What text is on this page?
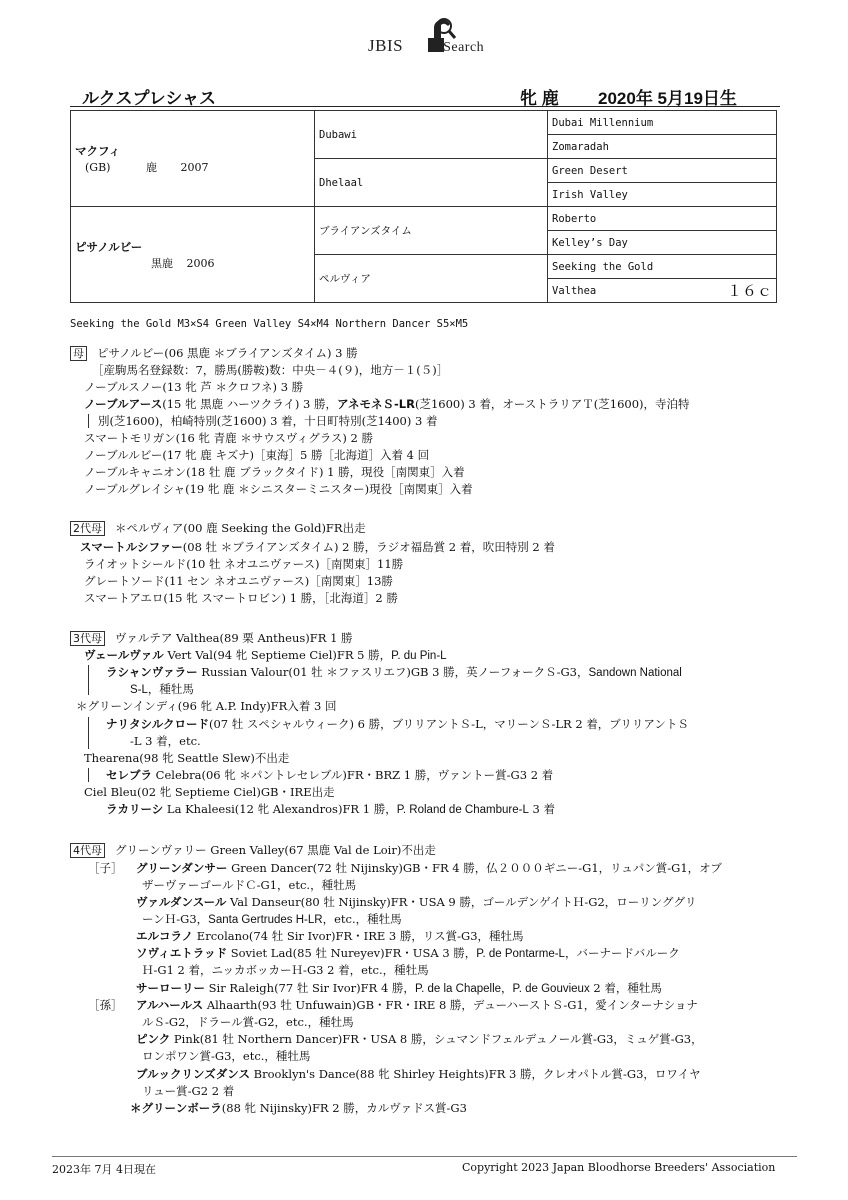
JBIS	Search
ルクスプレシャス	牝 鹿 2020年 5月19日生
マクフィ
(GB) 鹿 2007	Dubawi	Dubai Millennium
		Zomaradah
	Dhelaal	Green Desert
		Irish Valley

ピサノルビー
黒鹿 2006	ブライアンズタイム	Roberto
		Kelley’s Day
	ペルヴィア	Seeking the Gold
		Valthea １６ｃ
Seeking the Gold M3×S4 Green Valley S4×M4 Northern Dancer S5×M5
母 ピサノルビー(06 黒鹿 ＊ブライアンズタイム) 3 勝
［産駒馬名登録数：7，勝馬(勝鞍)数：中央－４(９)，地方－１(５)］
ノーブルスノー(13 牝 芦 ＊クロフネ) 3 勝
ノーブルアース(15 牝 黒鹿 ハーツクライ) 3 勝，アネモネＳ-LR(芝1600) 3 着，オーストラリアＴ(芝1600)，寺泊特
別(芝1600)，柏崎特別(芝1600) 3 着，十日町特別(芝1400) 3 着
スマートモリガン(16 牝 青鹿 ＊サウスヴィグラス) 2 勝
ノーブルルビー(17 牝 鹿 キズナ)［東海］5 勝［北海道］入着 4 回
ノーブルキャニオン(18 牡 鹿 ブラックタイド) 1 勝，現役［南関東］入着
ノーブルグレイシャ(19 牝 鹿 ＊シニスターミニスター)現役［南関東］入着
2代母 ＊ペルヴィア(00 鹿 Seeking the Gold)FR出走
スマートルシファー(08 牡 ＊ブライアンズタイム) 2 勝，ラジオ福島賞 2 着，吹田特別 2 着
ライオットシールド(10 牡 ネオユニヴァース)［南関東］11勝
グレートソード(11 セン ネオユニヴァース)［南関東］13勝
スマートアエロ(15 牝 スマートロビン) 1 勝，［北海道］2 勝
3代母 ヴァルテア Valthea(89 栗 Antheus)FR 1 勝
ヴェールヴァル Vert Val(94 牝 Septieme Ciel)FR 5 勝，P. du Pin-L
ラシャンヴァラー Russian Valour(01 牡 ＊ファスリエフ)GB 3 勝，英ノーフォークＳ-G3，Sandown National
S-L，種牡馬
＊グリーンインディ(96 牝 A.P. Indy)FR入着 3 回
ナリタシルクロード(07 牡 スペシャルウィーク) 6 勝，ブリリアントＳ-L，マリーンＳ-LR 2 着，ブリリアントＳ
-L 3 着，etc.
Thearena(98 牝 Seattle Slew)不出走
セレブラ Celebra(06 牝 ＊パントレセレブル)FR・BRZ 1 勝，ヴァントー賞-G3 2 着
Ciel Bleu(02 牝 Septieme Ciel)GB・IRE出走
ラカリーシ La Khaleesi(12 牝 Alexandros)FR 1 勝，P. Roland de Chambure-L 3 着
4代母 グリーンヴァリー Green Valley(67 黒鹿 Val de Loir)不出走
［子］ グリーンダンサー Green Dancer(72 牡 Nijinsky)GB・FR 4 勝，仏２０００ギニー-G1，リュパン賞-G1，オブ
ザーヴァーゴールドＣ-G1，etc.，種牡馬
ヴァルダンスール Val Danseur(80 牡 Nijinsky)FR・USA 9 勝，ゴールデンゲイトＨ-G2，ローリンググリ
ーンＨ-G3，Santa Gertrudes H-LR，etc.，種牡馬
エルコラノ Ercolano(74 牡 Sir Ivor)FR・IRE 3 勝，リス賞-G3，種牡馬
ソヴィエトラッド Soviet Lad(85 牡 Nureyev)FR・USA 3 勝，P. de Pontarme-L，バーナードバルーク
Ｈ-G1 2 着，ニッカボッカーＨ-G3 2 着，etc.，種牡馬
サーローリー Sir Raleigh(77 牡 Sir Ivor)FR 4 勝，P. de la Chapelle，P. de Gouvieux 2 着，種牡馬
［孫］ アルハールス Alhaarth(93 牡 Unfuwain)GB・FR・IRE 8 勝，デューハーストＳ-G1，愛インターナショナ
ルＳ-G2，ドラール賞-G2，etc.，種牡馬
ピンク Pink(81 牡 Northern Dancer)FR・USA 8 勝，シュマンドフェルデュノール賞-G3，ミュゲ賞-G3，
ロンポワン賞-G3，etc.，種牡馬
ブルックリンズダンス Brooklyn's Dance(88 牝 Shirley Heights)FR 3 勝，クレオパトル賞-G3，ロワイヤ
リュー賞-G2 2 着
＊グリーンボーラ(88 牝 Nijinsky)FR 2 勝，カルヴァドス賞-G3
2023年 7月 4日現在	Copyright 2023 Japan Bloodhorse Breeders' Association
